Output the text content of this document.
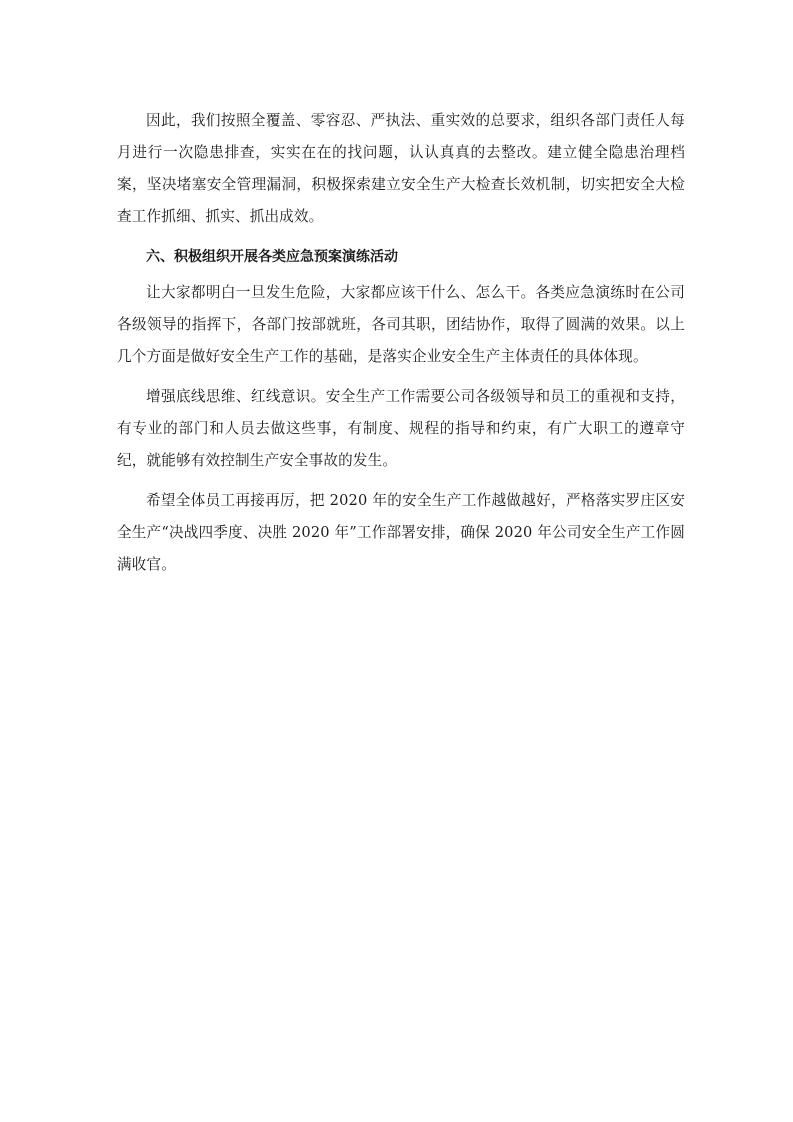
因此，我们按照全覆盖、零容忍、严执法、重实效的总要求，组织各部门责任人每月进行一次隐患排查，实实在在的找问题，认认真真的去整改。建立健全隐患治理档案，坚决堵塞安全管理漏洞，积极探索建立安全生产大检查长效机制，切实把安全大检查工作抓细、抓实、抓出成效。

六、积极组织开展各类应急预案演练活动

让大家都明白一旦发生危险，大家都应该干什么、怎么干。各类应急演练时在公司各级领导的指挥下，各部门按部就班，各司其职，团结协作，取得了圆满的效果。以上几个方面是做好安全生产工作的基础，是落实企业安全生产主体责任的具体体现。

增强底线思维、红线意识。安全生产工作需要公司各级领导和员工的重视和支持，有专业的部门和人员去做这些事，有制度、规程的指导和约束，有广大职工的遵章守纪，就能够有效控制生产安全事故的发生。

希望全体员工再接再厉，把 2020 年的安全生产工作越做越好，严格落实罗庄区安全生产“决战四季度、决胜 2020 年”工作部署安排，确保 2020 年公司安全生产工作圆满收官。
